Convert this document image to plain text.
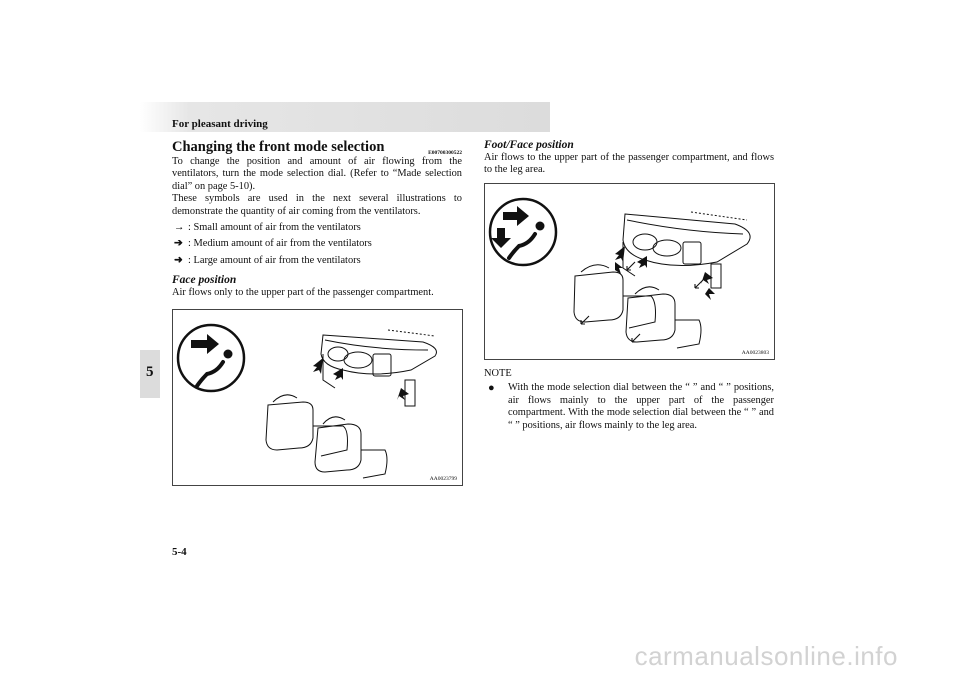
For pleasant driving
5
Changing the front mode selection	E00700300522

To change the position and amount of air flowing from the ventilators, turn the mode selection dial. (Refer to “Made selection dial” on page 5-10).

These symbols are used in the next several illustrations to demonstrate the quantity of air coming from the ventilators.

→ : Small amount of air from the ventilators
➔ : Medium amount of air from the ventilators
➜ : Large amount of air from the ventilators
Face position

Air flows only to the upper part of the passenger compartment.

AA0023799
Foot/Face position

Air flows to the upper part of the passenger compartment, and flows to the leg area.

AA0023803
NOTE
●	With the mode selection dial between the “ ” and “ ” positions, air flows mainly to the upper part of the passenger compartment. With the mode selection dial between the “ ” and “ ” positions, air flows mainly to the leg area.
5-4
carmanualsonline.info
